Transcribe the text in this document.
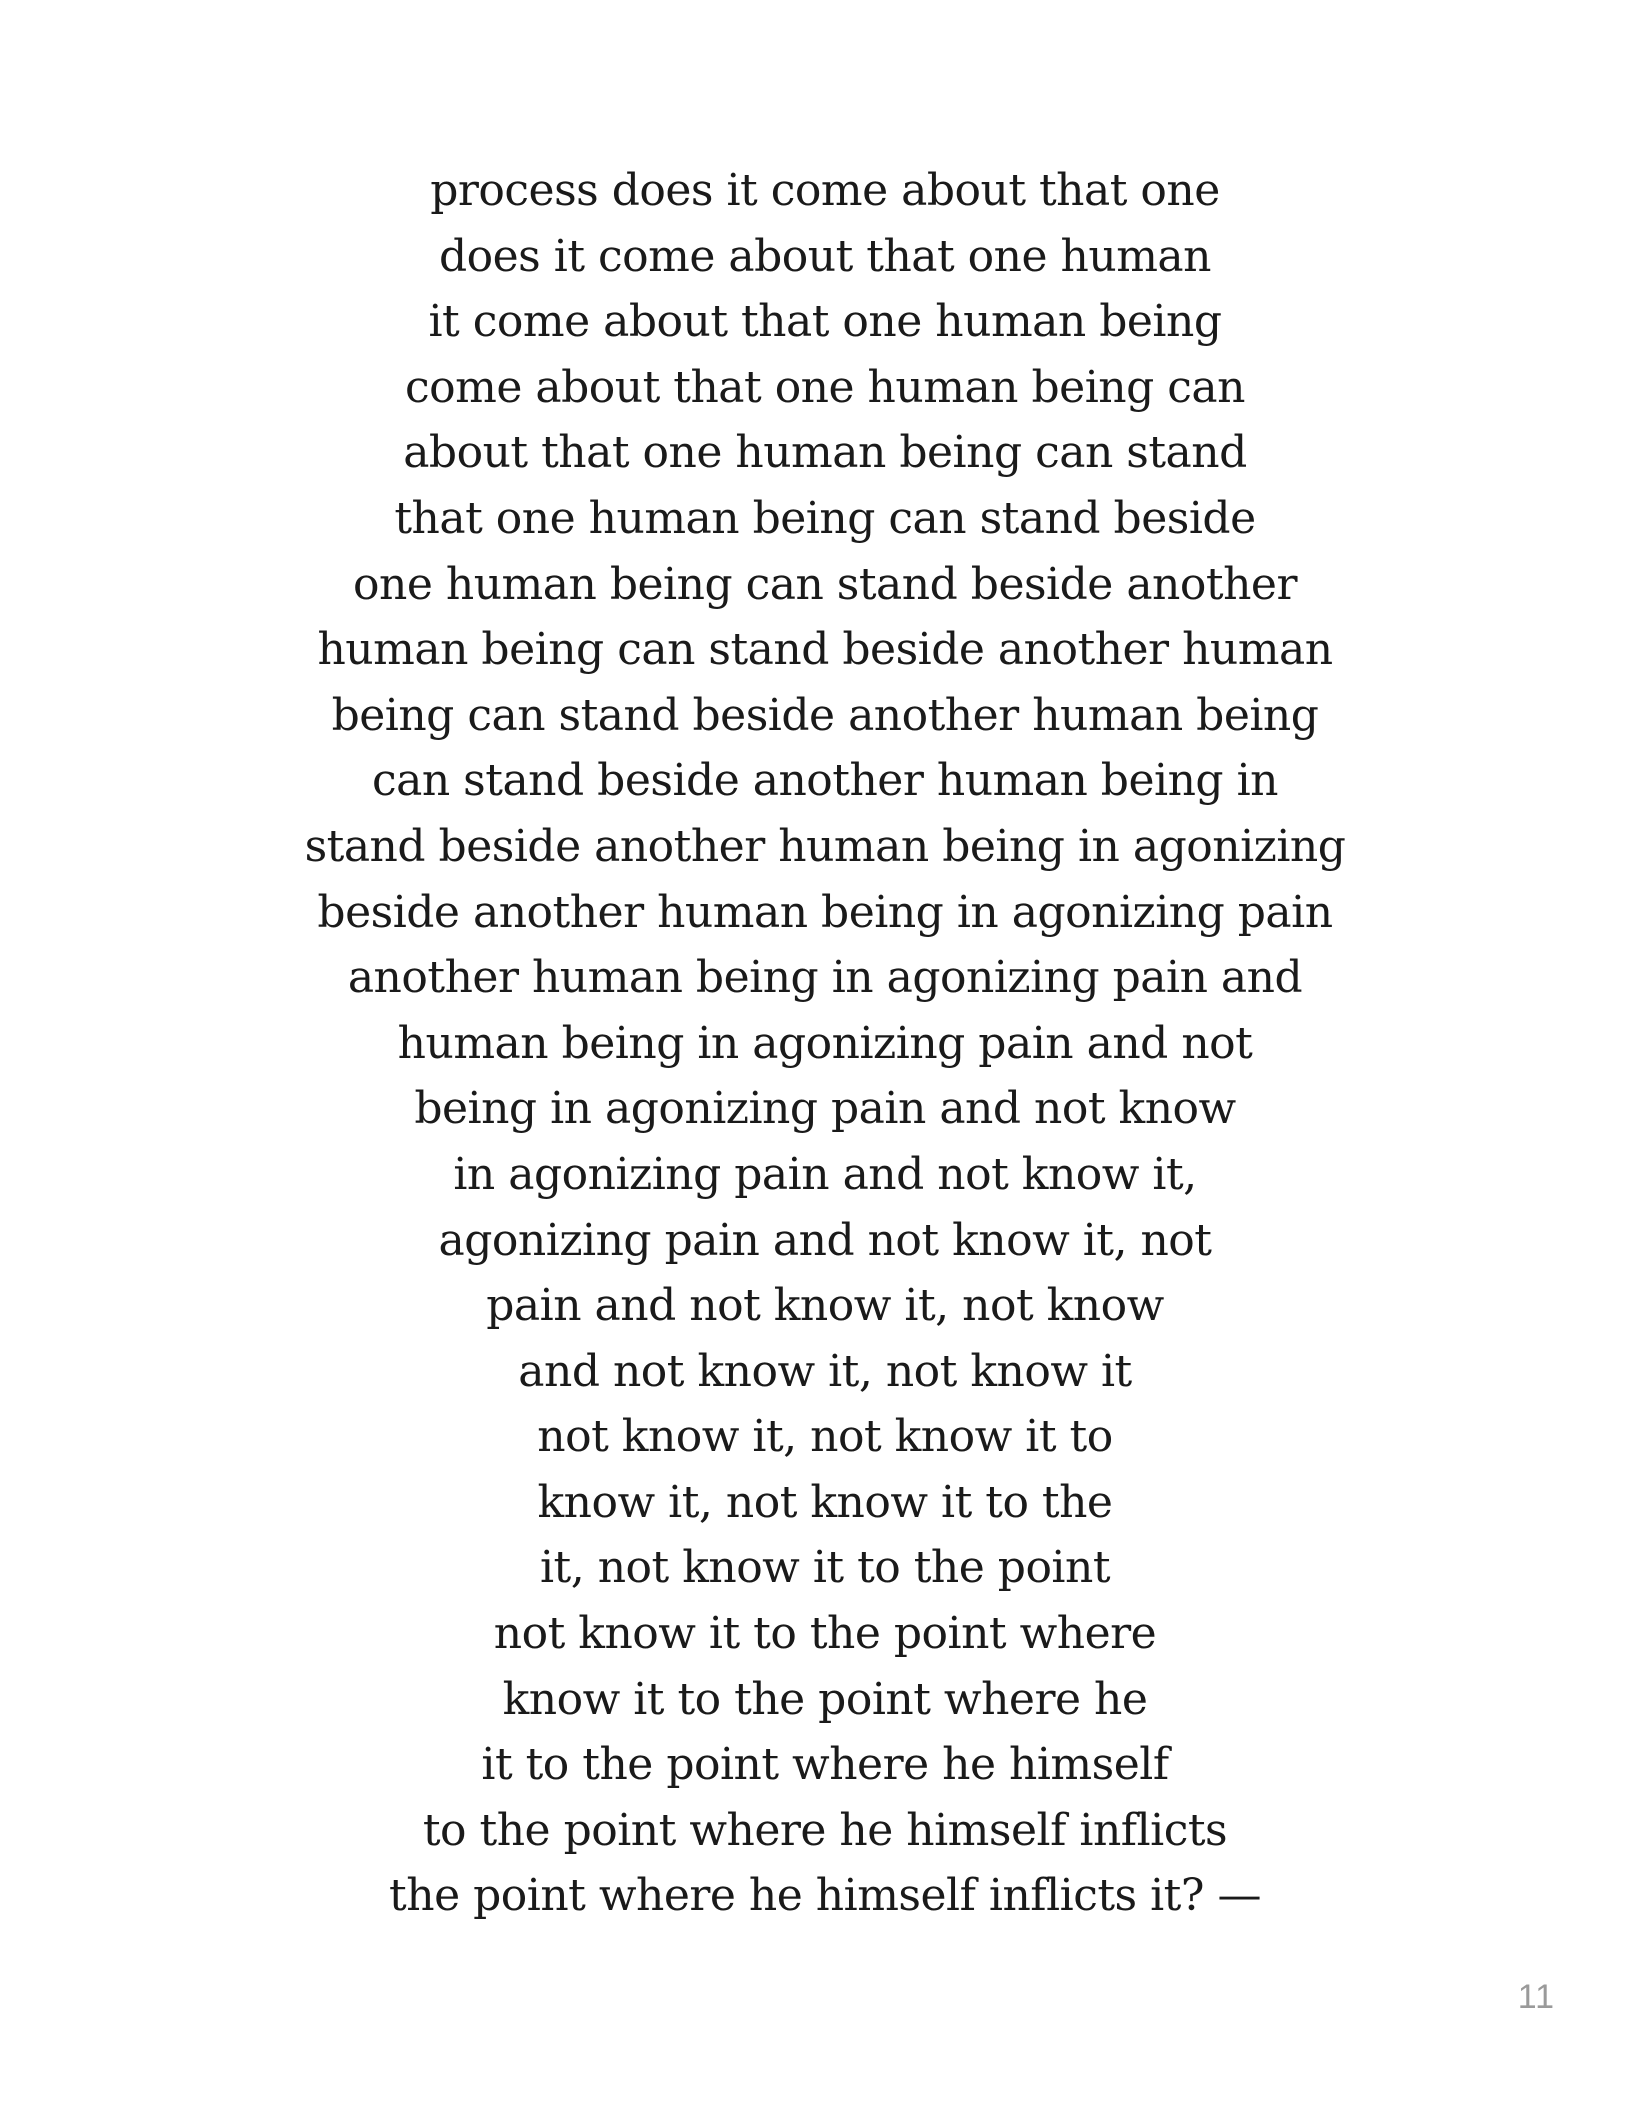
process does it come about that one
does it come about that one human
it come about that one human being
come about that one human being can
about that one human being can stand
that one human being can stand beside
one human being can stand beside another
human being can stand beside another human
being can stand beside another human being
can stand beside another human being in
stand beside another human being in agonizing
beside another human being in agonizing pain
another human being in agonizing pain and
human being in agonizing pain and not
being in agonizing pain and not know
in agonizing pain and not know it,
agonizing pain and not know it, not
pain and not know it, not know
and not know it, not know it
not know it, not know it to
know it, not know it to the
it, not know it to the point
not know it to the point where
know it to the point where he
it to the point where he himself
to the point where he himself inflicts
the point where he himself inflicts it? —
11
